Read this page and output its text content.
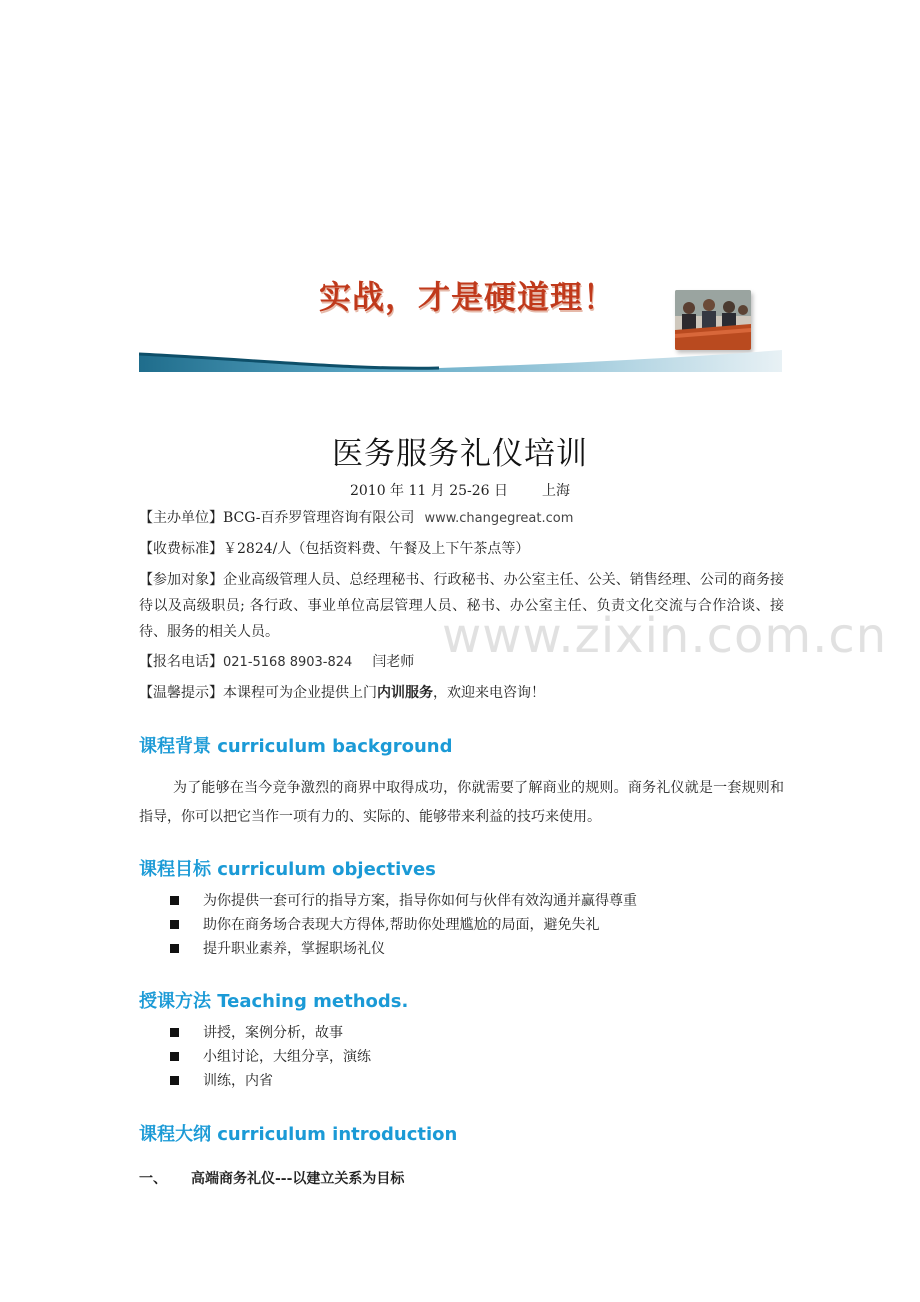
实战，才是硬道理！
医务服务礼仪培训
2010 年 11 月 25-26 日 上海
【主办单位】BCG-百乔罗管理咨询有限公司 www.changegreat.com
【收费标准】￥2824/人（包括资料费、午餐及上下午茶点等）
【参加对象】企业高级管理人员、总经理秘书、行政秘书、办公室主任、公关、销售经理、公司的商务接待以及高级职员; 各行政、事业单位高层管理人员、秘书、办公室主任、负责文化交流与合作洽谈、接待、服务的相关人员。	www.zixin.com.cn
【报名电话】021-5168 8903-824 闫老师
【温馨提示】本课程可为企业提供上门内训服务，欢迎来电咨询！
课程背景 curriculum background
为了能够在当今竞争激烈的商界中取得成功，你就需要了解商业的规则。商务礼仪就是一套规则和指导，你可以把它当作一项有力的、实际的、能够带来利益的技巧来使用。
课程目标 curriculum objectives
为你提供一套可行的指导方案，指导你如何与伙伴有效沟通并赢得尊重
助你在商务场合表现大方得体,帮助你处理尴尬的局面，避免失礼
提升职业素养，掌握职场礼仪
授课方法 Teaching methods.
讲授，案例分析，故事
小组讨论，大组分享，演练
训练，内省
课程大纲 curriculum introduction
一、 高端商务礼仪---以建立关系为目标
